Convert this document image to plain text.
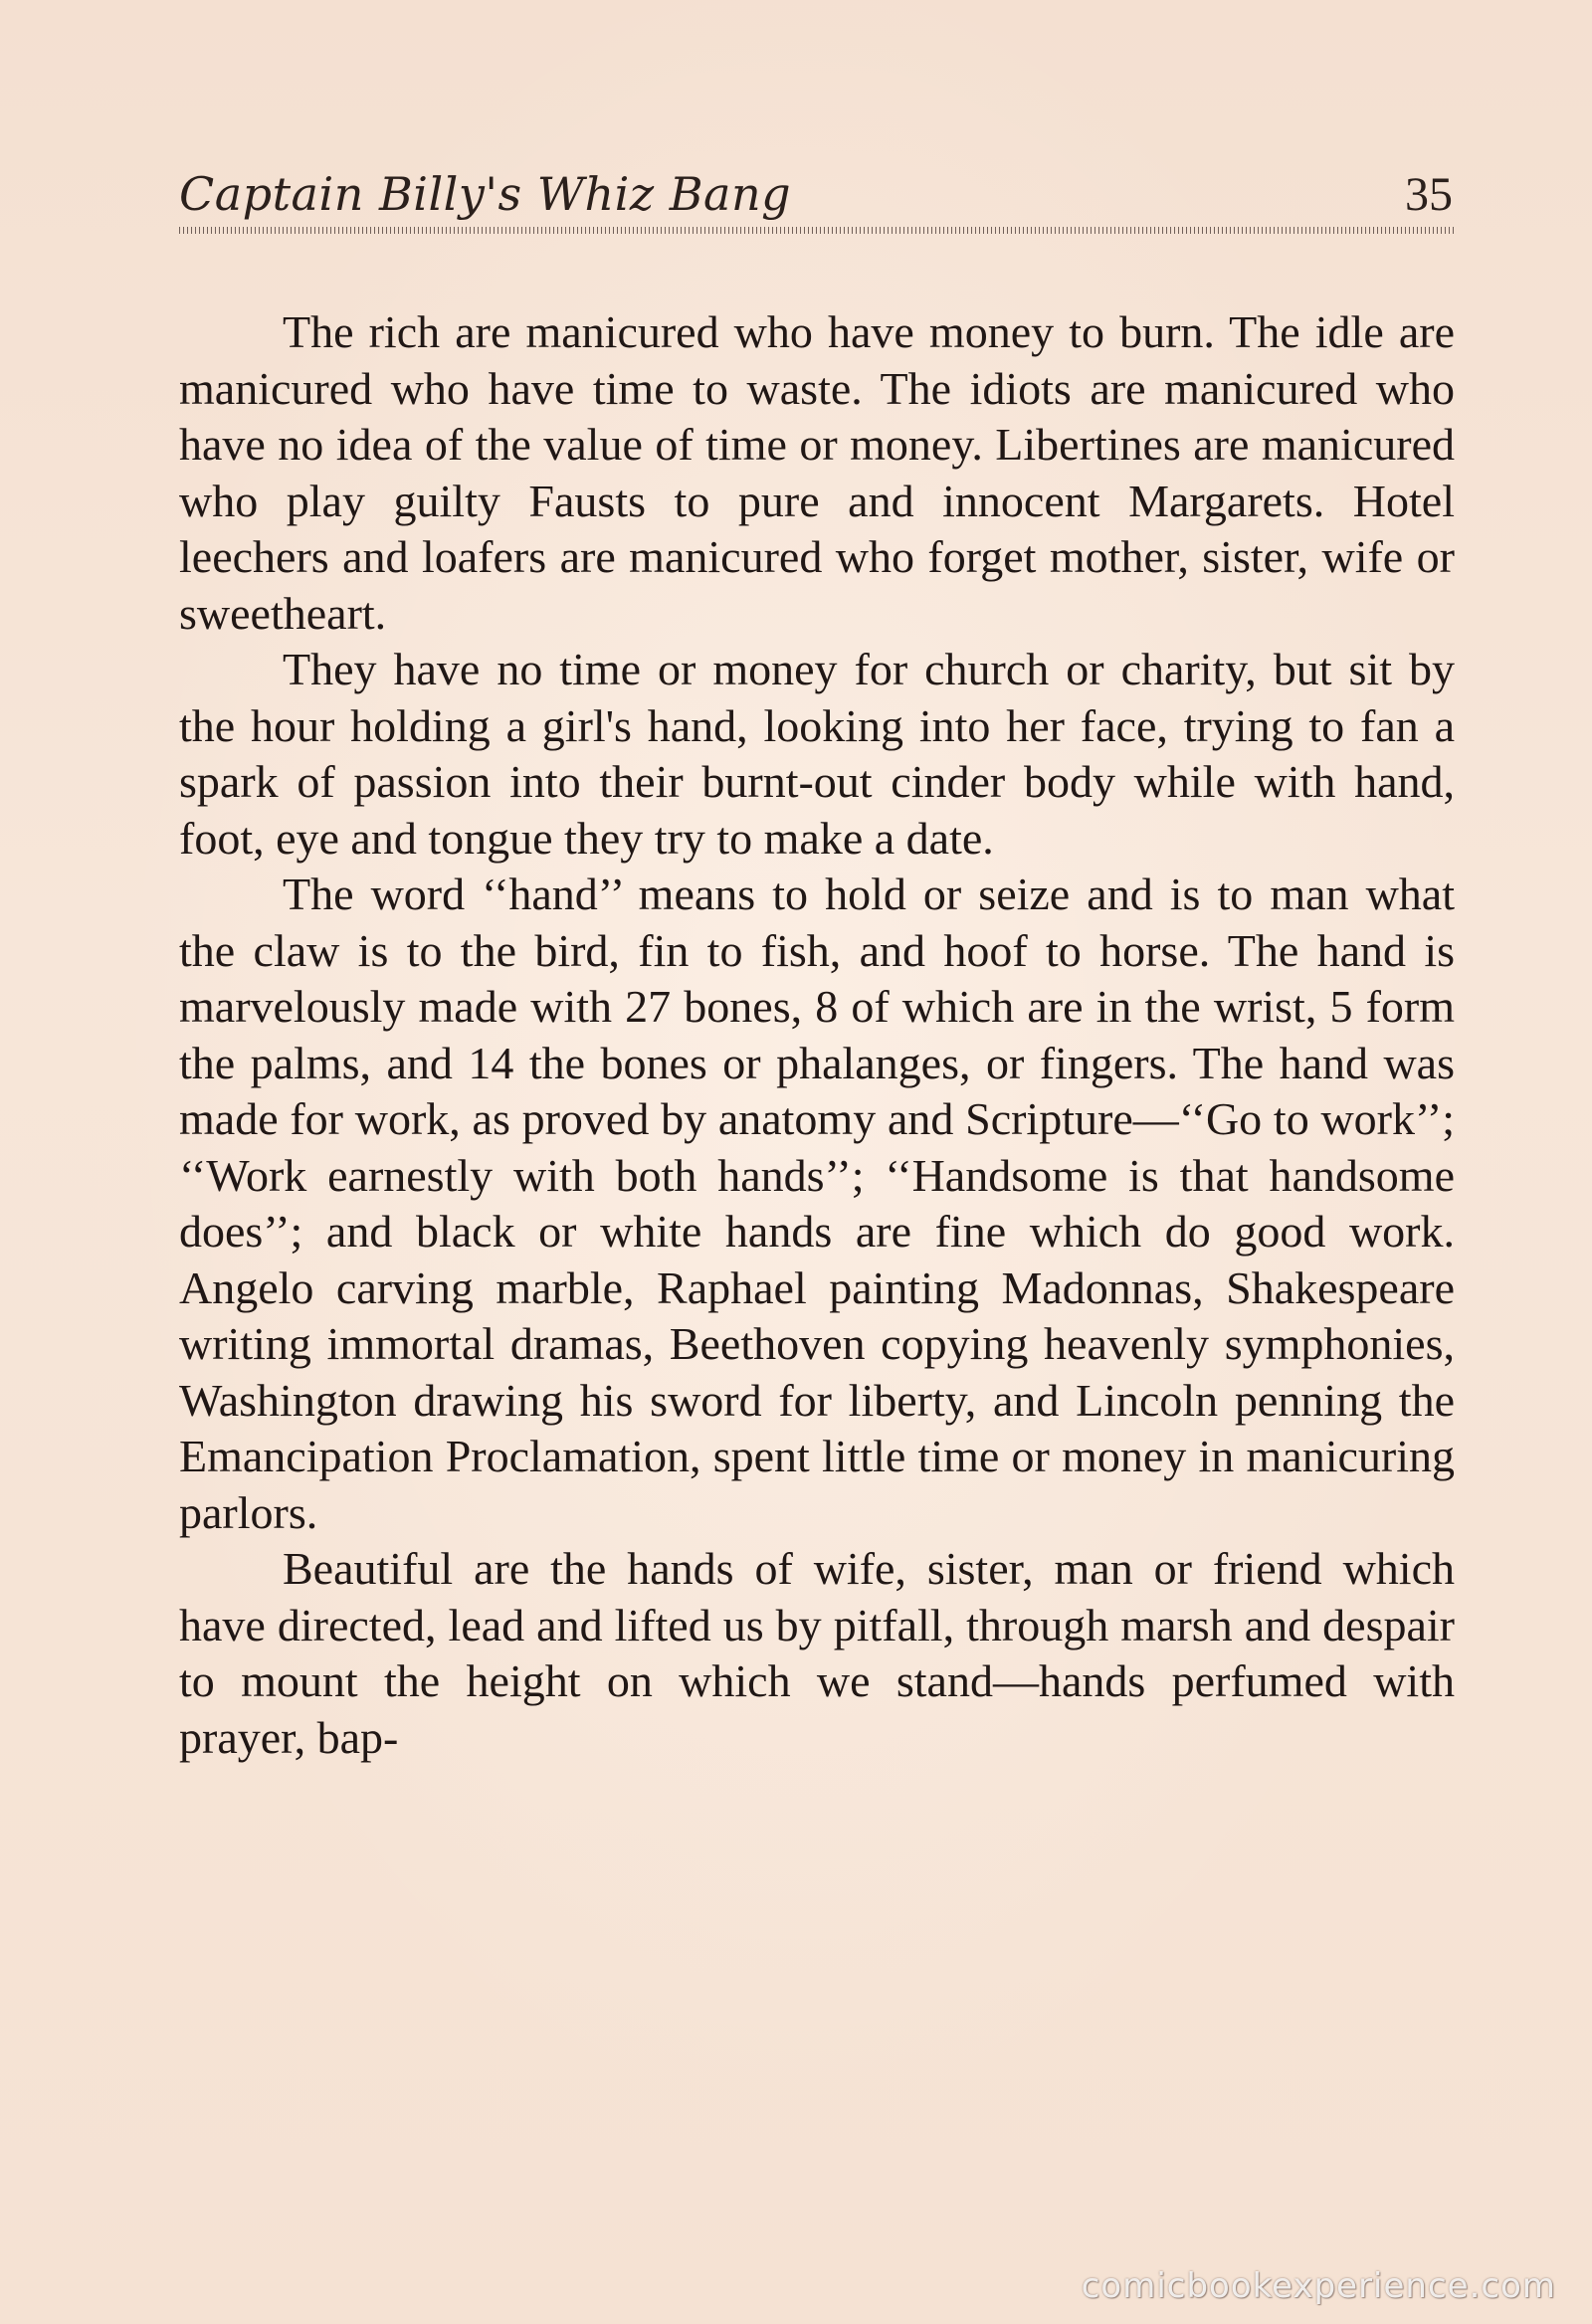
Captain Billy's Whiz Bang	35

The rich are manicured who have money to burn. The idle are manicured who have time to waste. The idiots are manicured who have no idea of the value of time or money. Libertines are manicured who play guilty Fausts to pure and innocent Margarets. Hotel leechers and loafers are manicured who forget mother, sister, wife or sweetheart.

They have no time or money for church or charity, but sit by the hour holding a girl's hand, looking into her face, trying to fan a spark of passion into their burnt-out cinder body while with hand, foot, eye and tongue they try to make a date.

The word ‘‘hand’’ means to hold or seize and is to man what the claw is to the bird, fin to fish, and hoof to horse. The hand is marvelously made with 27 bones, 8 of which are in the wrist, 5 form the palms, and 14 the bones or phalanges, or fingers. The hand was made for work, as proved by anatomy and Scripture—‘‘Go to work’’; ‘‘Work earnestly with both hands’’; ‘‘Handsome is that handsome does’’; and black or white hands are fine which do good work. Angelo carving marble, Raphael painting Madonnas, Shakespeare writing immortal dramas, Beethoven copying heavenly symphonies, Washington drawing his sword for liberty, and Lincoln penning the Emancipation Proclamation, spent little time or money in manicuring parlors.

Beautiful are the hands of wife, sister, man or friend which have directed, lead and lifted us by pitfall, through marsh and despair to mount the height on which we stand—hands perfumed with prayer, bap-

comicbookexperience.com
